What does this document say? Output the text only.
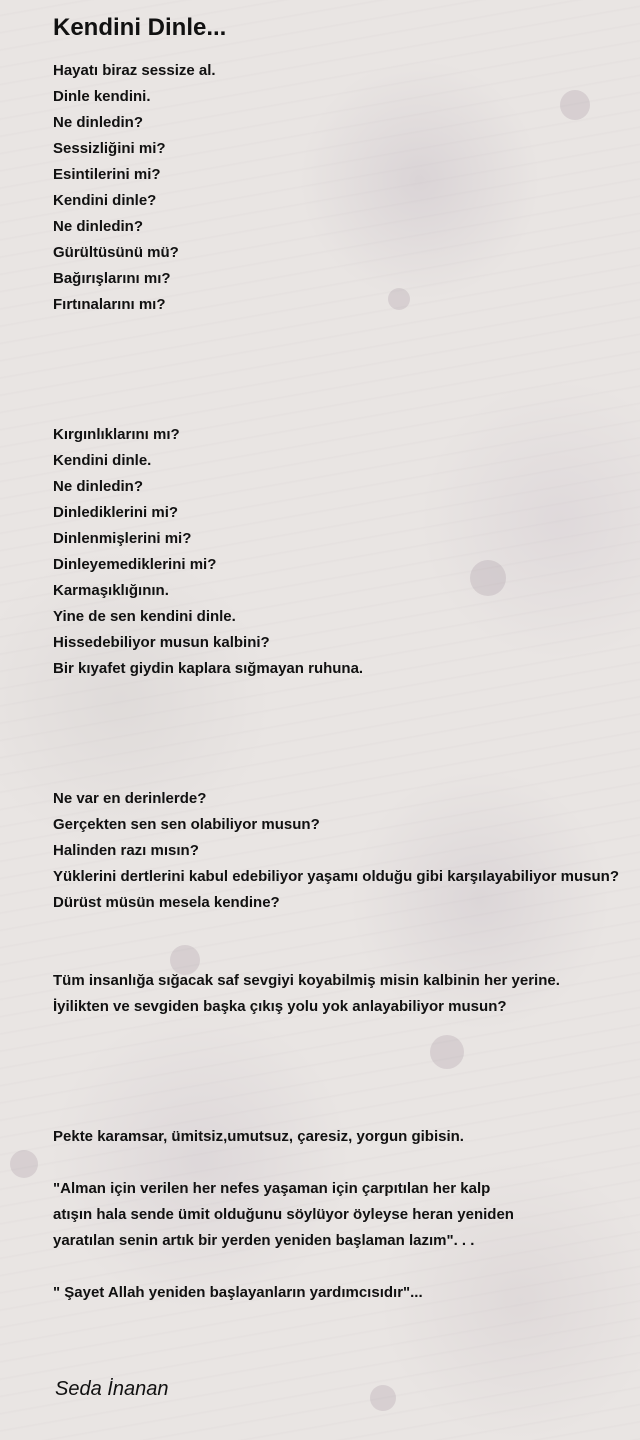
Kendini Dinle...
Hayatı biraz sessize al.
Dinle kendini.
Ne dinledin?
Sessizliğini mi?
Esintilerini mi?
Kendini dinle?
Ne dinledin?
Gürültüsünü mü?
Bağırışlarını mı?
Fırtınalarını mı?
Kırgınlıklarını mı?
Kendini dinle.
Ne dinledin?
Dinlediklerini mi?
Dinlenmişlerini mi?
Dinleyemediklerini mi?
Karmaşıklığının.
Yine de sen kendini dinle.
Hissedebiliyor musun kalbini?
Bir kıyafet giydin kaplara sığmayan ruhuna.
Ne var en derinlerde?
Gerçekten sen sen olabiliyor musun?
Halinden razı mısın?
Yüklerini dertlerini kabul edebiliyor yaşamı olduğu gibi karşılayabiliyor musun?
Dürüst müsün mesela kendine?
Tüm insanlığa sığacak saf sevgiyi koyabilmiş misin kalbinin her yerine.
İyilikten ve sevgiden başka çıkış yolu yok anlayabiliyor musun?
Pekte karamsar, ümitsiz,umutsuz, çaresiz, yorgun gibisin.
"Alman için verilen her nefes yaşaman için çarpıtılan her kalp
atışın hala sende ümit olduğunu söylüyor öyleyse heran yeniden
yaratılan senin artık bir yerden yeniden başlaman lazım". . .
" Şayet Allah yeniden başlayanların yardımcısıdır"...
Seda İnanan
